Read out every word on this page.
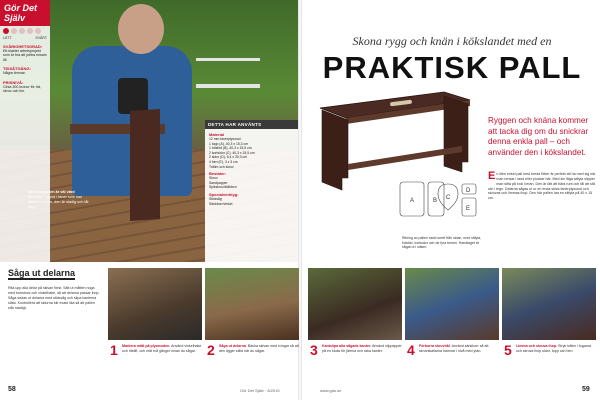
Gör Det Själv
LÄTT	SVÅRT
SVÅRIGHETSGRAD:
Ett klakter arbetsprojekt som är bra att jobba ensam till.
TIDSÅTGÅNG:
Några timmar.
PRISNIVÅ:
Cirka 300 kronor för trä, skruv och lim.
Den lilla pallen är väl värd besväret – gjord i faner som kan bära en vuxen, den är stadig och tål regn.
DETTA HAR ANVÄNTS
Material
12 mm fanerplywood
1 topp (A), 40,3 x 15,3 cm
1 fotstöd (B), 40,3 x 15,5 cm
2 kortsidor (C), 40,3 x 15,5 cm
2 sidor (D), 6,4 x 30,3 cm
4 ben (E), 3 x 3 cm
Trälim och skruv
Beslater:
Skruv
Sandpapper
Spikskruv/ståldorn
Specialverktyg:
Sticksåg
Sänkborr/vinkel
Skona rygg och knän i kökslandet med en
PRAKTISK PALL
A	B C
D
E
Ritning av pallen sedd snett från sidan, med sittyta, fotstöd, kortsidor och de fyra benen. Handtaget är sågat ut i sitsen.
Ryggen och knäna kommer att tacka dig om du snickrar denna enkla pall – och använder den i kökslandet.
E n liten enkel pall med breda fötter är perfekt att ha med sig när man rensar i land eller plockar bär. Med sin låga sittyta slipper man sitta på knä i leran. Den är lätt att bära runt och tål att stå ute i regn. Delarna sågas ut ur en enda skiva fanerplywood och skruvas och limmas ihop. Den här pallen har en sittyta på 40 x 15 cm.
Såga ut delarna
Rita upp alla delar på skivan först. Sätt ut måtten noga med tumstock och vinkelhake, så att delarna passar ihop. Såga sedan ut delarna med sticksåg och slipa kanterna släta. Kontrollera att sidorna blir exakt lika så att pallen står stadigt.
1 Markera mått på plywooden. Använd vinkelhake och ritstift, och mät två gånger innan du sågar. 2 Såga ut delarna. Bänka skivan med tvingar så att den ligger stilla när du sågar.	3 Kantslipa alla sågade kanter. Använd slippapper på en kloss för jämna och raka kanter.	4 Förborra skruvhål. Använd sänkborr så att skruvskallarna hamnar i nivå med ytan.	5 Limma och skruva ihop. Stryk trälim i fogarna och skruva ihop sidor, topp och ben.
58	Gör Det Själv · 6/2015	www.gds.se	59
